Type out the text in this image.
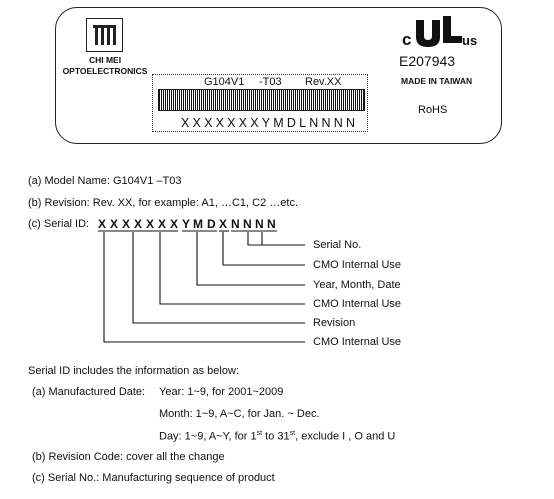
CHI MEI
OPTOELECTRONICS
G104V1 -T03 Rev.XX
XXXXXXXYMDLNNNN
c	us
E207943
MADE IN TAIWAN
RoHS
(a) Model Name: G104V1 –T03
(b) Revision: Rev. XX, for example: A1, …C1, C2 …etc.
(c) Serial ID: X X X X X X X Y M D X N N N N
Serial No.
CMO Internal Use
Year, Month, Date
CMO Internal Use
Revision
CMO Internal Use
Serial ID includes the information as below:
(a) Manufactured Date: Year: 1~9, for 2001~2009
Month: 1~9, A~C, for Jan. ~ Dec.
Day: 1~9, A~Y, for 1st to 31st, exclude I , O and U
(b) Revision Code: cover all the change
(c) Serial No.: Manufacturing sequence of product
